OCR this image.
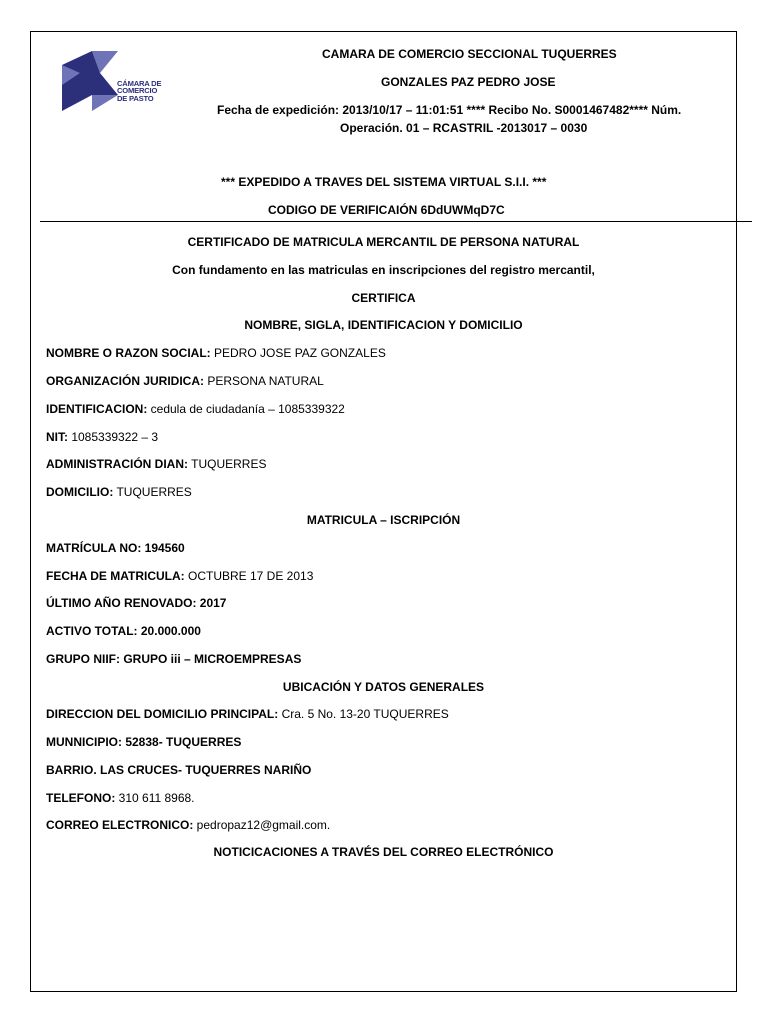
CÁMARA DE
COMERCIO
DE PASTO
CAMARA DE COMERCIO SECCIONAL TUQUERRES
GONZALES PAZ PEDRO JOSE
Fecha de expedición: 2013/10/17 – 11:01:51 **** Recibo No. S0001467482**** Núm.
Operación. 01 – RCASTRIL -2013017 – 0030
*** EXPEDIDO A TRAVES DEL SISTEMA VIRTUAL S.I.I. ***
CODIGO DE VERIFICAIÓN 6DdUWMqD7C
CERTIFICADO DE MATRICULA MERCANTIL DE PERSONA NATURAL
Con fundamento en las matriculas en inscripciones del registro mercantil,
CERTIFICA
NOMBRE, SIGLA, IDENTIFICACION Y DOMICILIO
NOMBRE O RAZON SOCIAL: PEDRO JOSE PAZ GONZALES
ORGANIZACIÓN JURIDICA: PERSONA NATURAL
IDENTIFICACION: cedula de ciudadanía – 1085339322
NIT: 1085339322 – 3
ADMINISTRACIÓN DIAN: TUQUERRES
DOMICILIO: TUQUERRES
MATRICULA – ISCRIPCIÓN
MATRÍCULA NO: 194560
FECHA DE MATRICULA: OCTUBRE 17 DE 2013
ÚLTIMO AÑO RENOVADO: 2017
ACTIVO TOTAL: 20.000.000
GRUPO NIIF: GRUPO iii – MICROEMPRESAS
UBICACIÓN Y DATOS GENERALES
DIRECCION DEL DOMICILIO PRINCIPAL: Cra. 5 No. 13-20 TUQUERRES
MUNNICIPIO: 52838- TUQUERRES
BARRIO. LAS CRUCES- TUQUERRES NARIÑO
TELEFONO: 310 611 8968.
CORREO ELECTRONICO: pedropaz12@gmail.com.
NOTICICACIONES A TRAVÉS DEL CORREO ELECTRÓNICO
